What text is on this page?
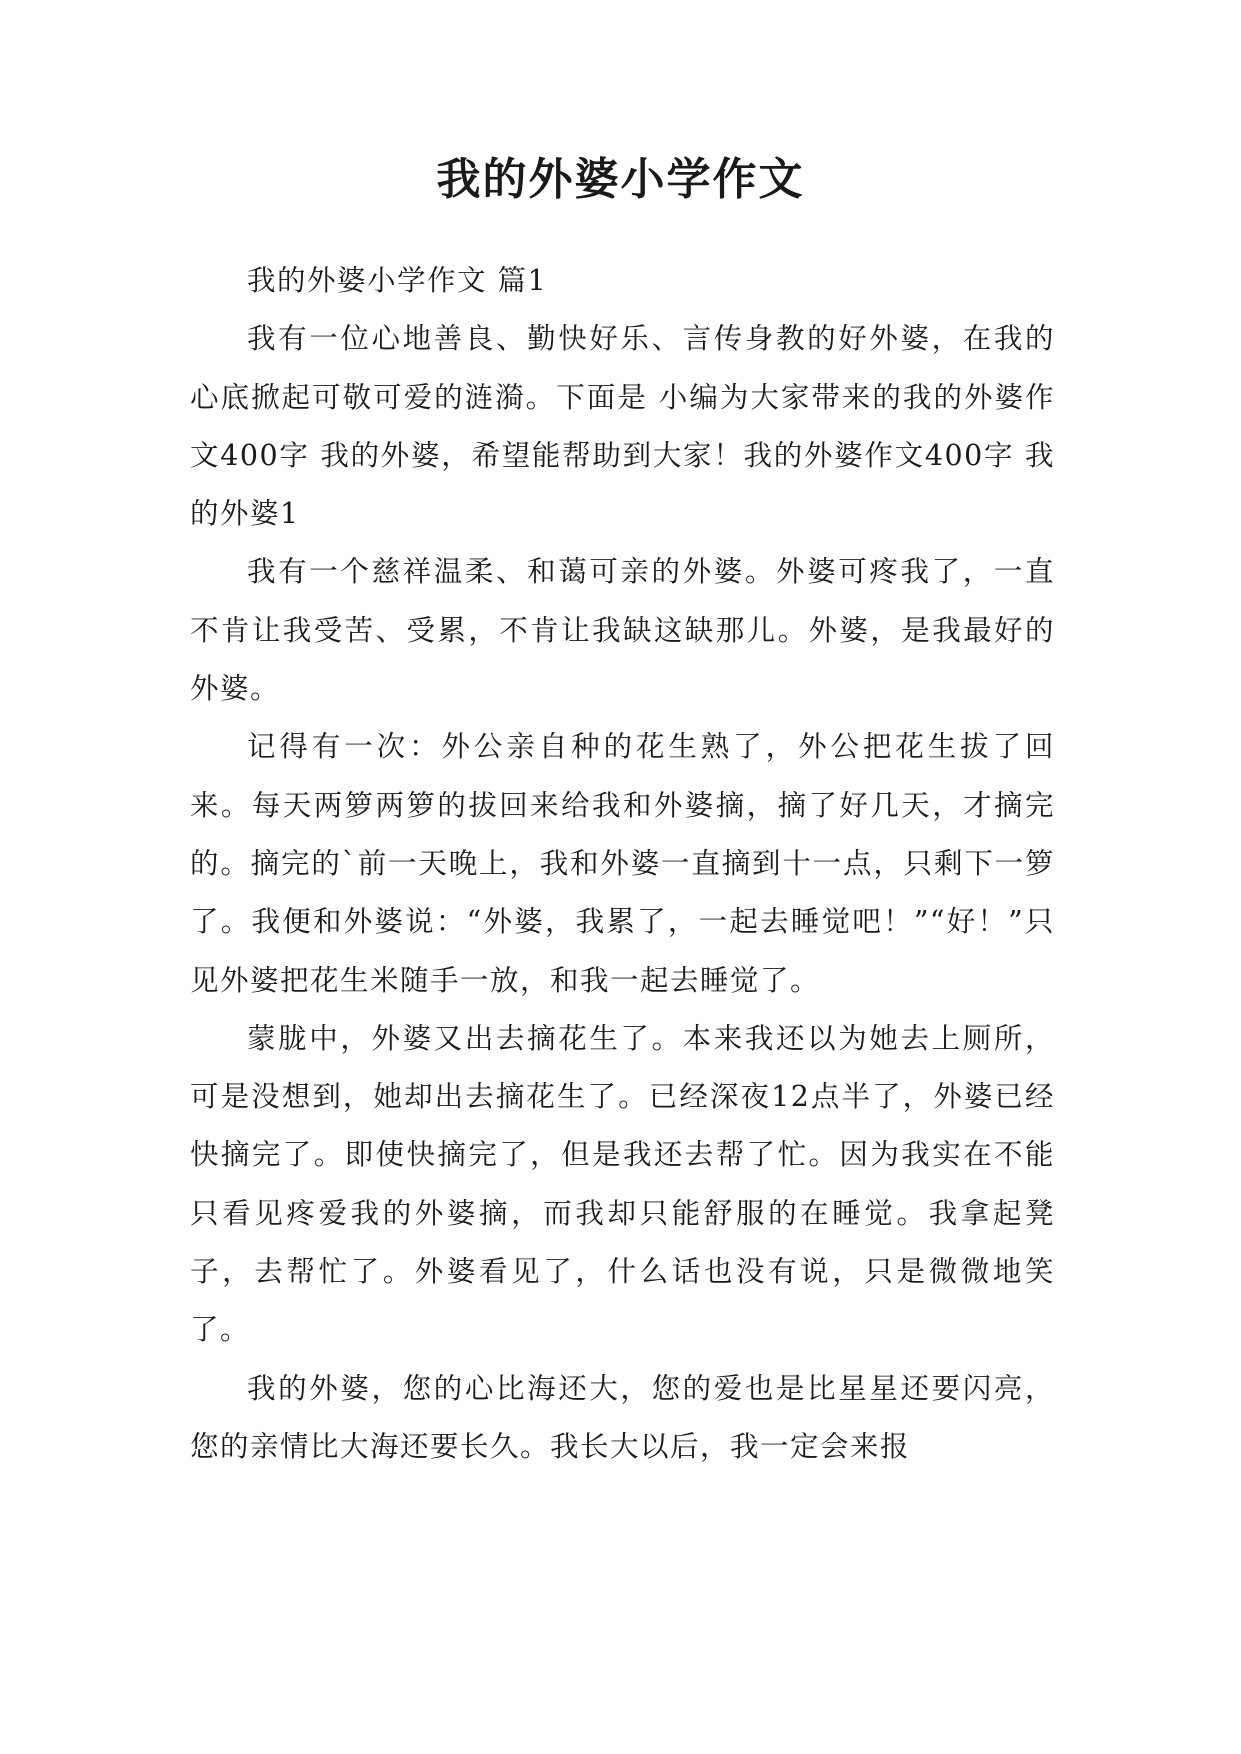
我的外婆小学作文

我的外婆小学作文 篇1

我有一位心地善良、勤快好乐、言传身教的好外婆，在我的心底掀起可敬可爱的涟漪。下面是 小编为大家带来的我的外婆作文400字 我的外婆，希望能帮助到大家！我的外婆作文400字 我的外婆1

我有一个慈祥温柔、和蔼可亲的外婆。外婆可疼我了，一直不肯让我受苦、受累，不肯让我缺这缺那儿。外婆，是我最好的外婆。

记得有一次：外公亲自种的花生熟了，外公把花生拔了回来。每天两箩两箩的拔回来给我和外婆摘，摘了好几天，才摘完的。摘完的`前一天晚上，我和外婆一直摘到十一点，只剩下一箩了。我便和外婆说：“外婆，我累了，一起去睡觉吧！”“好！”只见外婆把花生米随手一放，和我一起去睡觉了。

蒙胧中，外婆又出去摘花生了。本来我还以为她去上厕所，可是没想到，她却出去摘花生了。已经深夜12点半了，外婆已经快摘完了。即使快摘完了，但是我还去帮了忙。因为我实在不能只看见疼爱我的外婆摘，而我却只能舒服的在睡觉。我拿起凳子，去帮忙了。外婆看见了，什么话也没有说，只是微微地笑了。

我的外婆，您的心比海还大，您的爱也是比星星还要闪亮，您的亲情比大海还要长久。我长大以后，我一定会来报
